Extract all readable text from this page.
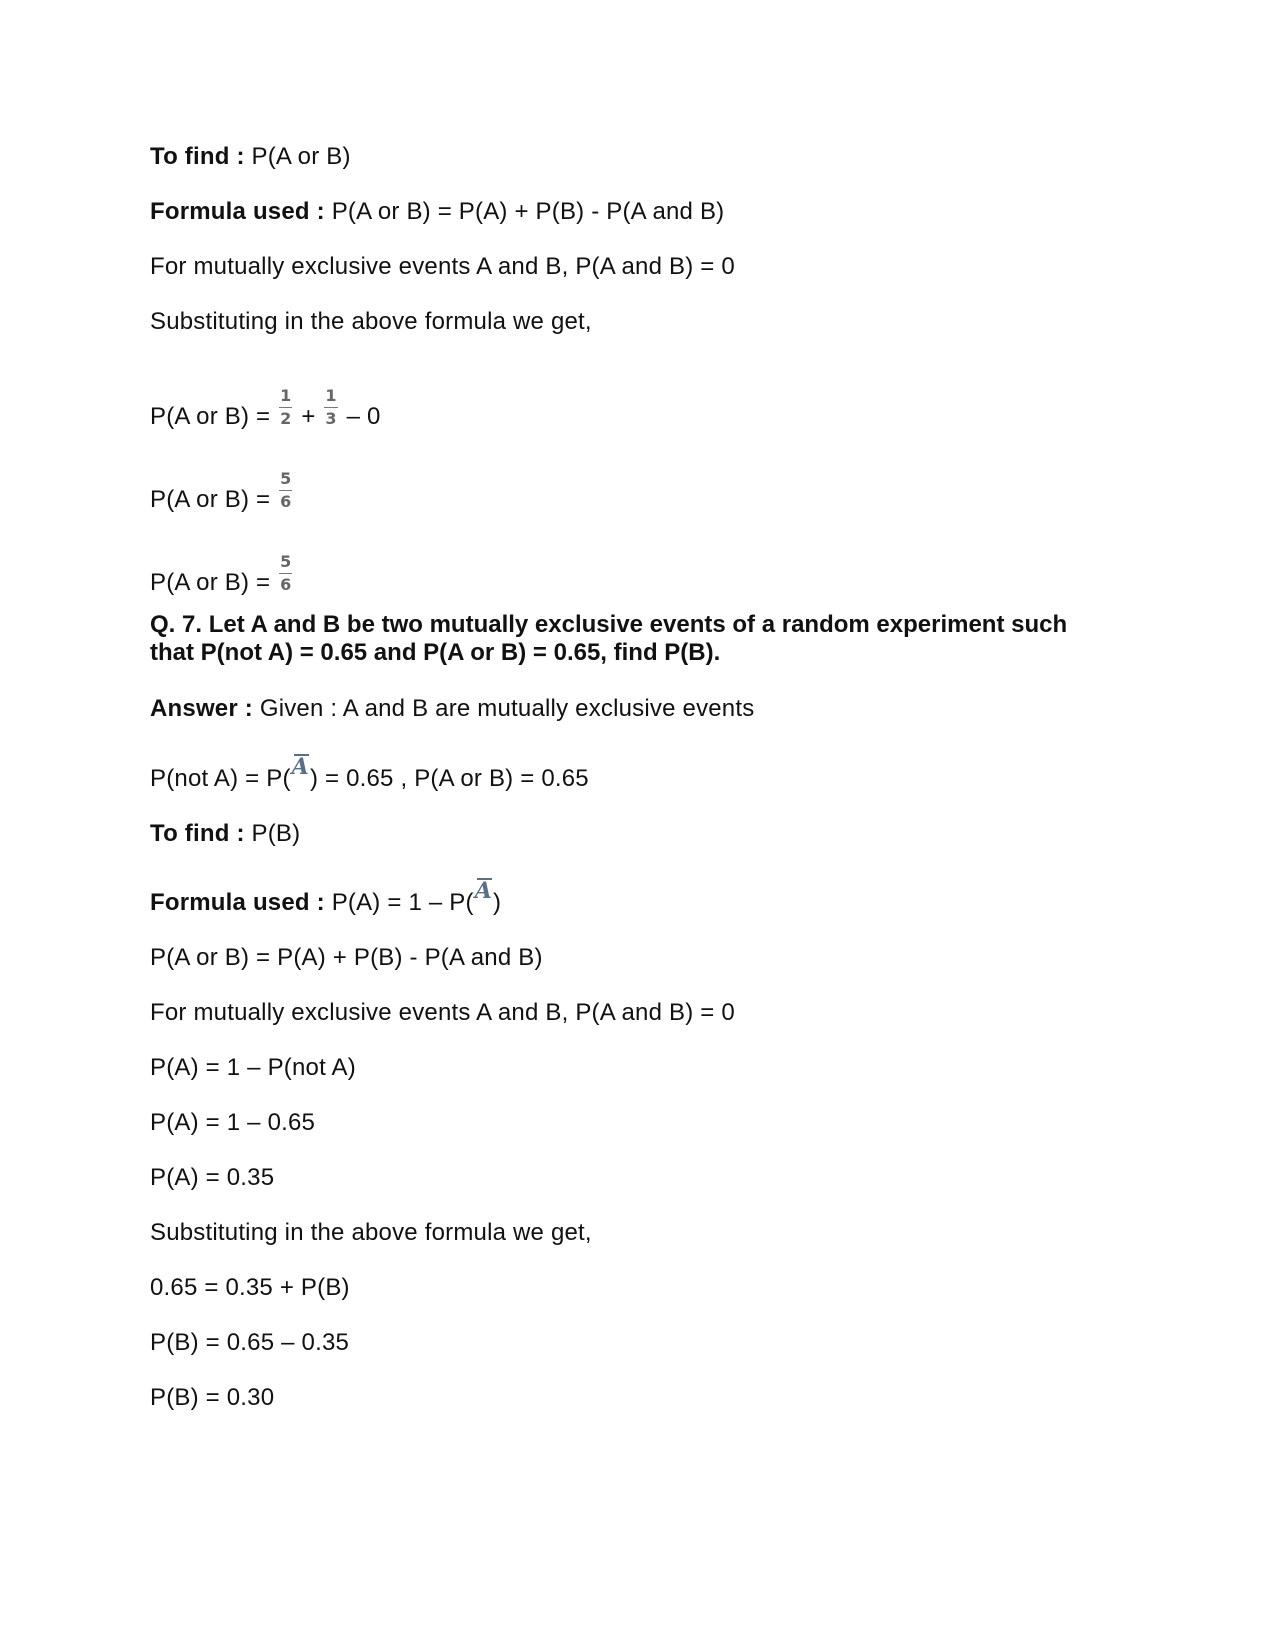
To find : P(A or B)
Formula used : P(A or B) = P(A) + P(B) - P(A and B)
For mutually exclusive events A and B, P(A and B) = 0
Substituting in the above formula we get,
P(A or $B) = \frac{1}{2} + \frac{1}{3} - 0$
P(A or $B) = \frac{5}{6}$
P(A or $B) = \frac{5}{6}$
Q. 7. Let A and B be two mutually exclusive events of a random experiment such that P(not A) = 0.65 and P(A or B) = 0.65, find P(B).
Answer : Given : A and B are mutually exclusive events
P(not A) = P(A) = 0.65 , P(A or B) = 0.65
To find : P(B)
Formula used : P(A) = 1 – P(A)
P(A or B) = P(A) + P(B) - P(A and B)
For mutually exclusive events A and B, P(A and B) = 0
P(A) = 1 – P(not A)
P(A) = 1 – 0.65
P(A) = 0.35
Substituting in the above formula we get,
0.65 = 0.35 + P(B)
P(B) = 0.65 – 0.35
P(B) = 0.30
